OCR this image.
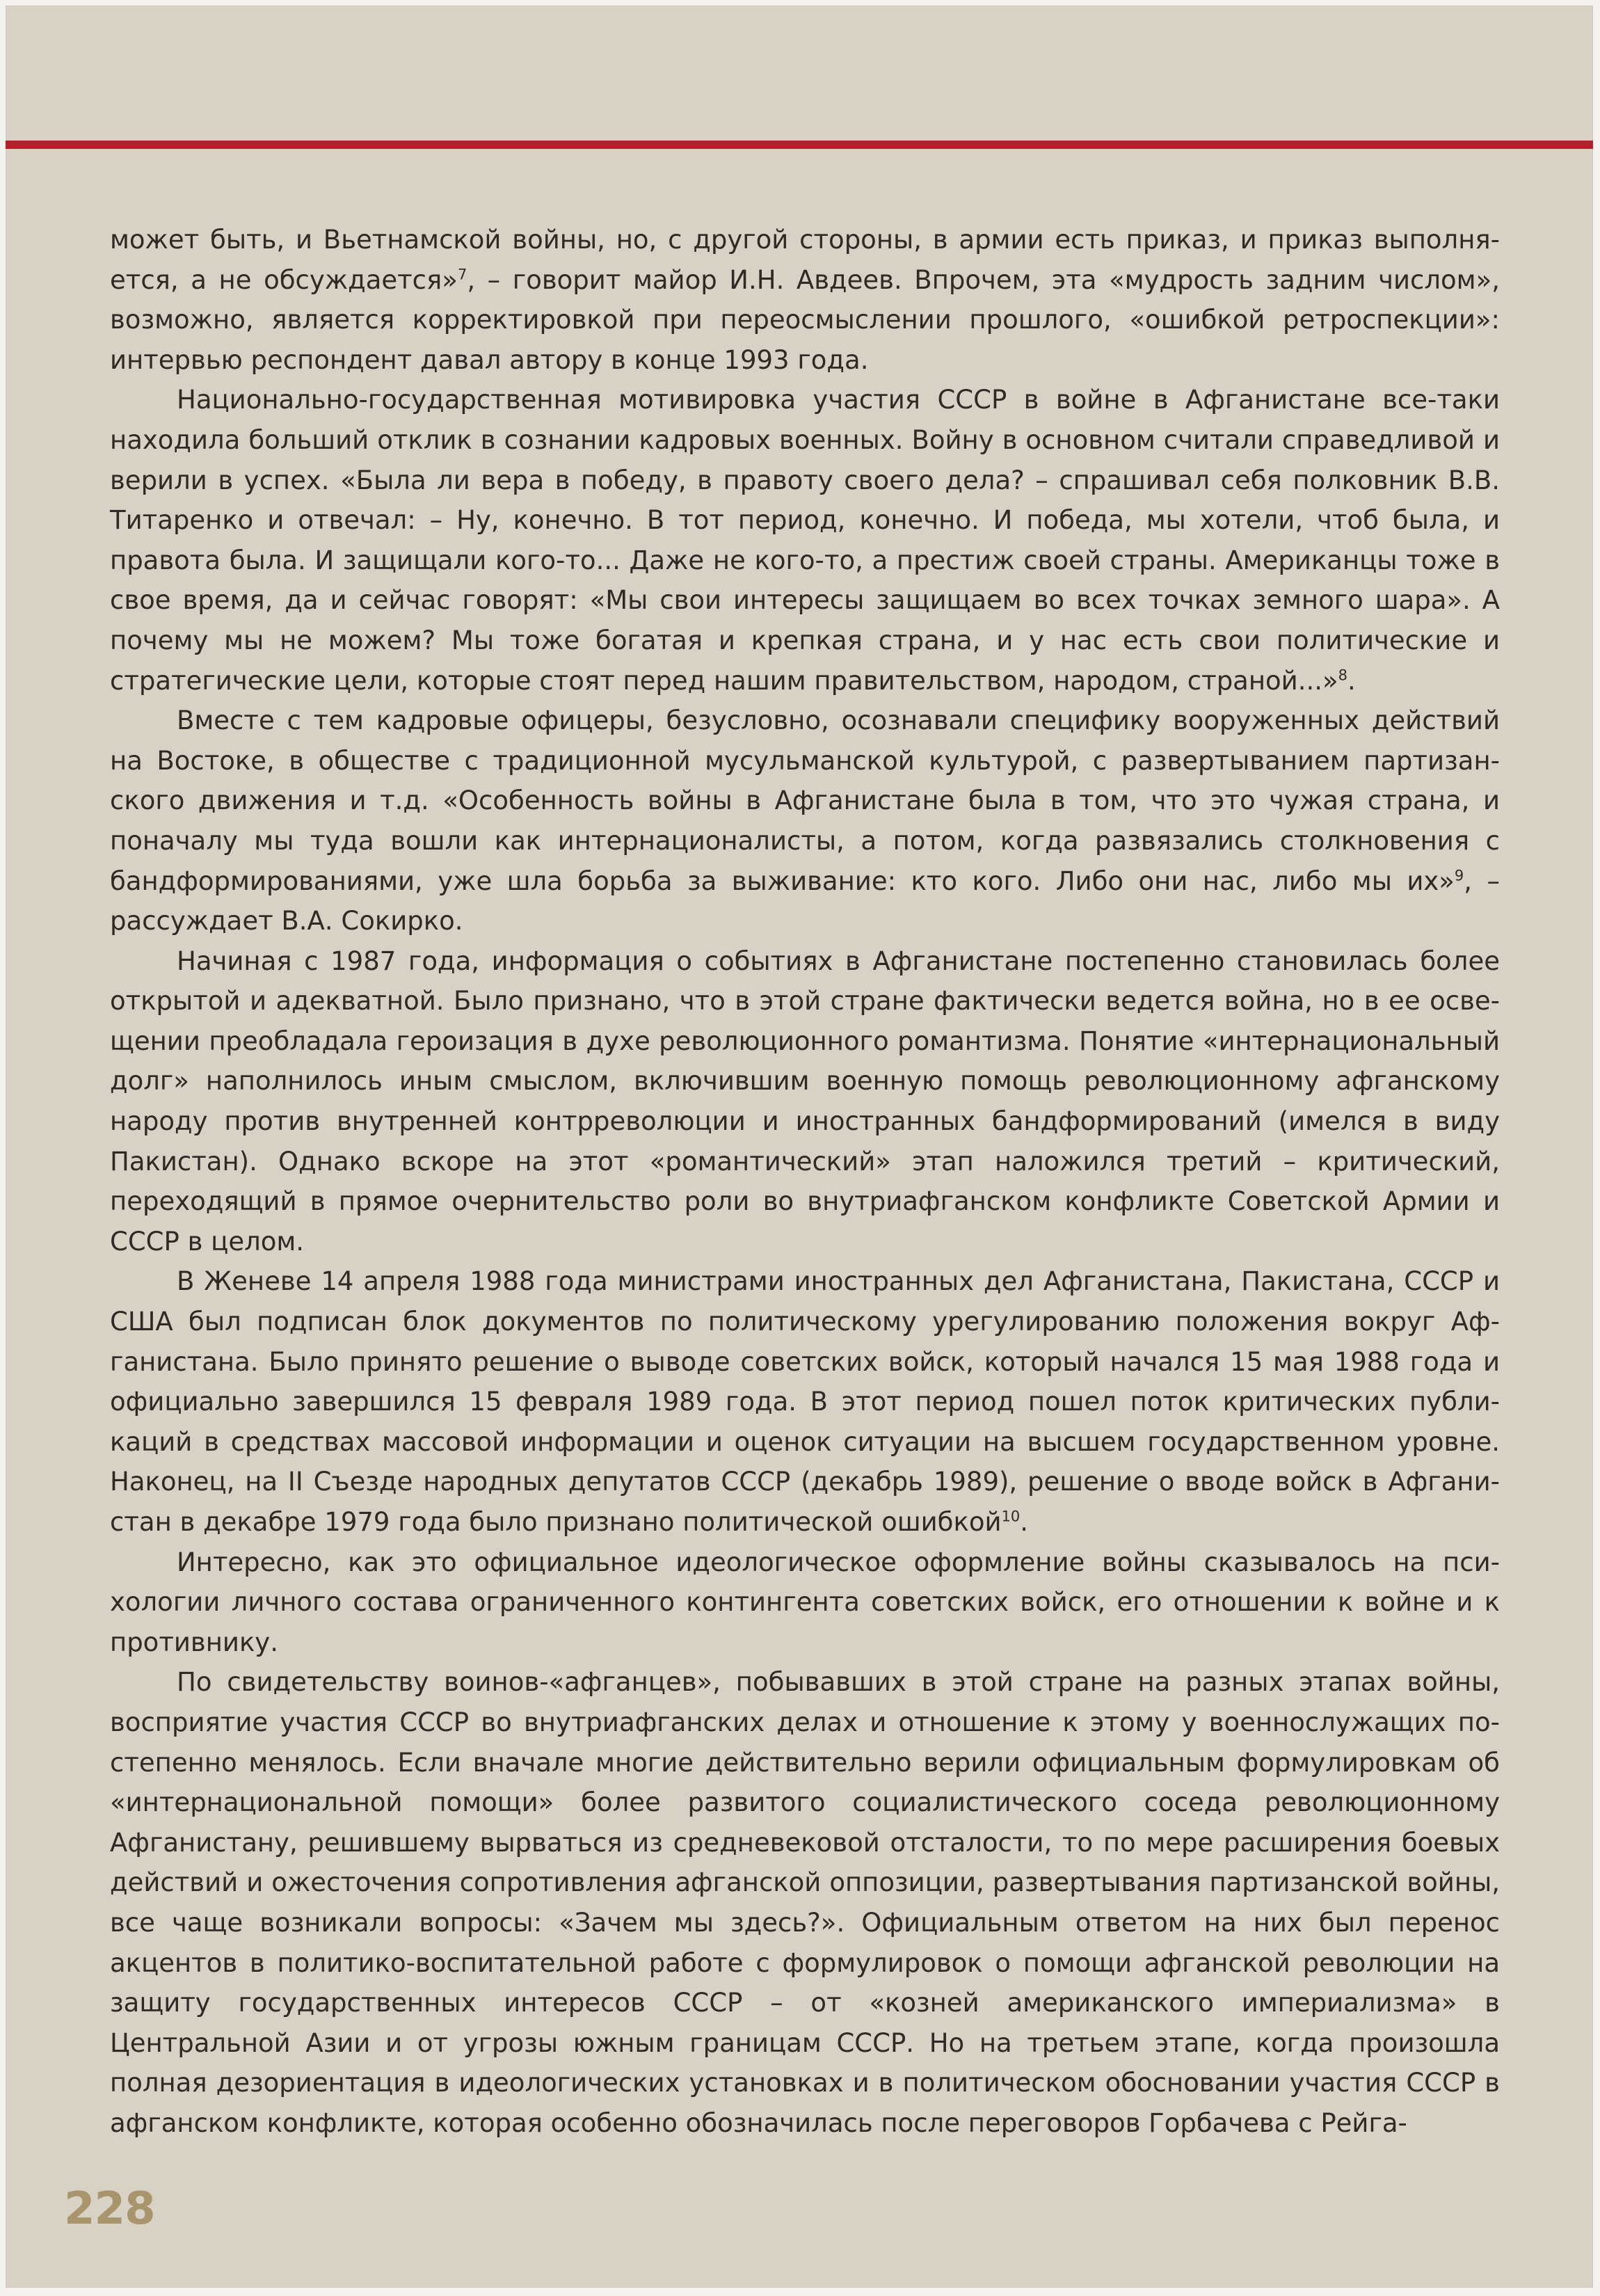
может быть, и Вьетнамской войны, но, с другой стороны, в армии есть приказ, и приказ выполняется, а не обсуждается»$^7$, – говорит майор И.Н. Авдеев. Впрочем, эта «мудрость задним числом», возможно, является корректировкой при переосмыслении прошлого, «ошибкой ретроспекции»: интервью респондент давал автору в конце 1993 года.

Национально-государственная мотивировка участия СССР в войне в Афганистане все-таки находила больший отклик в сознании кадровых военных. Войну в основном считали справедливой и верили в успех. «Была ли вера в победу, в правоту своего дела? – спрашивал себя полковник В.В. Титаренко и отвечал: – Ну, конечно. В тот период, конечно. И победа, мы хотели, чтоб была, и правота была. И защищали кого-то... Даже не кого-то, а престиж своей страны. Американцы тоже в свое время, да и сейчас говорят: «Мы свои интересы защищаем во всех точках земного шара». А почему мы не можем? Мы тоже богатая и крепкая страна, и у нас есть свои политические и стратегические цели, которые стоят перед нашим правительством, народом, страной...»$^8$.

Вместе с тем кадровые офицеры, безусловно, осознавали специфику вооруженных действий на Востоке, в обществе с традиционной мусульманской культурой, с развертыванием партизанского движения и т.д. «Особенность войны в Афганистане была в том, что это чужая страна, и поначалу мы туда вошли как интернационалисты, а потом, когда развязались столкновения с бандформированиями, уже шла борьба за выживание: кто кого. Либо они нас, либо мы их»$^9$, – рассуждает В.А. Сокирко.

Начиная с 1987 года, информация о событиях в Афганистане постепенно становилась более открытой и адекватной. Было признано, что в этой стране фактически ведется война, но в ее освещении преобладала героизация в духе революционного романтизма. Понятие «интернациональный долг» наполнилось иным смыслом, включившим военную помощь революционному афганскому народу против внутренней контрреволюции и иностранных бандформирований (имелся в виду Пакистан). Однако вскоре на этот «романтический» этап наложился третий – критический, переходящий в прямое очернительство роли во внутриафганском конфликте Советской Армии и СССР в целом.

В Женеве 14 апреля 1988 года министрами иностранных дел Афганистана, Пакистана, СССР и США был подписан блок документов по политическому урегулированию положения вокруг Афганистана. Было принято решение о выводе советских войск, который начался 15 мая 1988 года и официально завершился 15 февраля 1989 года. В этот период пошел поток критических публикаций в средствах массовой информации и оценок ситуации на высшем государственном уровне. Наконец, на II Съезде народных депутатов СССР (декабрь 1989), решение о вводе войск в Афганистан в декабре 1979 года было признано политической ошибкой$^{10}$.

Интересно, как это официальное идеологическое оформление войны сказывалось на психологии личного состава ограниченного контингента советских войск, его отношении к войне и к противнику.

По свидетельству воинов-«афганцев», побывавших в этой стране на разных этапах войны, восприятие участия СССР во внутриафганских делах и отношение к этому у военнослужащих постепенно менялось. Если вначале многие действительно верили официальным формулировкам об «интернациональной помощи» более развитого социалистического соседа революционному Афганистану, решившему вырваться из средневековой отсталости, то по мере расширения боевых действий и ожесточения сопротивления афганской оппозиции, развертывания партизанской войны, все чаще возникали вопросы: «Зачем мы здесь?». Официальным ответом на них был перенос акцентов в политико-воспитательной работе с формулировок о помощи афганской революции на защиту государственных интересов СССР – от «козней американского империализма» в Центральной Азии и от угрозы южным границам СССР. Но на третьем этапе, когда произошла полная дезориентация в идеологических установках и в политическом обосновании участия СССР в афганском конфликте, которая особенно обозначилась после переговоров Горбачева с Рейга-

228
